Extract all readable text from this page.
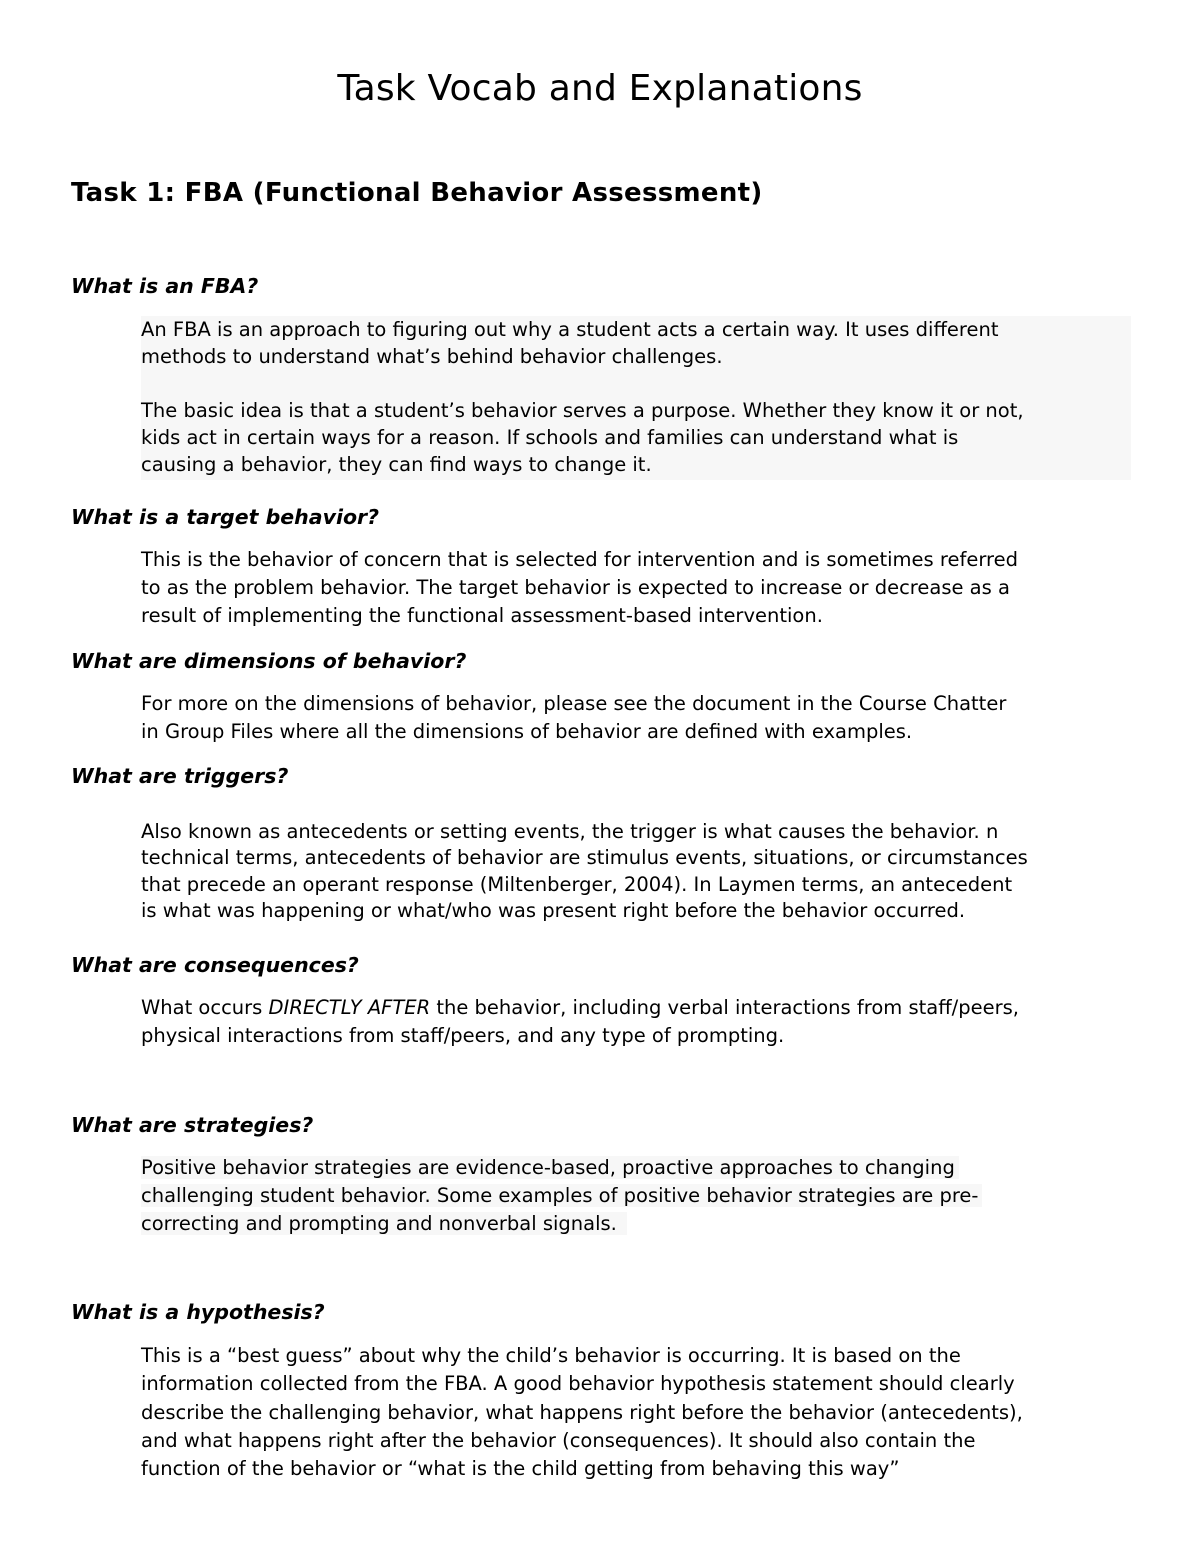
Task Vocab and Explanations
Task 1: FBA (Functional Behavior Assessment)

What is an FBA?

An FBA is an approach to figuring out why a student acts a certain way. It uses different
methods to understand what’s behind behavior challenges.
The basic idea is that a student’s behavior serves a purpose. Whether they know it or not,
kids act in certain ways for a reason. If schools and families can understand what is
causing a behavior, they can find ways to change it.

What is a target behavior?

This is the behavior of concern that is selected for intervention and is sometimes referred
to as the problem behavior. The target behavior is expected to increase or decrease as a
result of implementing the functional assessment-based intervention.

What are dimensions of behavior?

For more on the dimensions of behavior, please see the document in the Course Chatter
in Group Files where all the dimensions of behavior are defined with examples.

What are triggers?

Also known as antecedents or setting events, the trigger is what causes the behavior. n
technical terms, antecedents of behavior are stimulus events, situations, or circumstances
that precede an operant response (Miltenberger, 2004). In Laymen terms, an antecedent
is what was happening or what/who was present right before the behavior occurred.

What are consequences?

What occurs DIRECTLY AFTER the behavior, including verbal interactions from staff/peers,
physical interactions from staff/peers, and any type of prompting.

What are strategies?

Positive behavior strategies are evidence-based, proactive approaches to changing
challenging student behavior. Some examples of positive behavior strategies are pre-
correcting and prompting and nonverbal signals.

What is a hypothesis?

This is a “best guess” about why the child’s behavior is occurring. It is based on the
information collected from the FBA. A good behavior hypothesis statement should clearly
describe the challenging behavior, what happens right before the behavior (antecedents),
and what happens right after the behavior (consequences). It should also contain the
function of the behavior or “what is the child getting from behaving this way”
